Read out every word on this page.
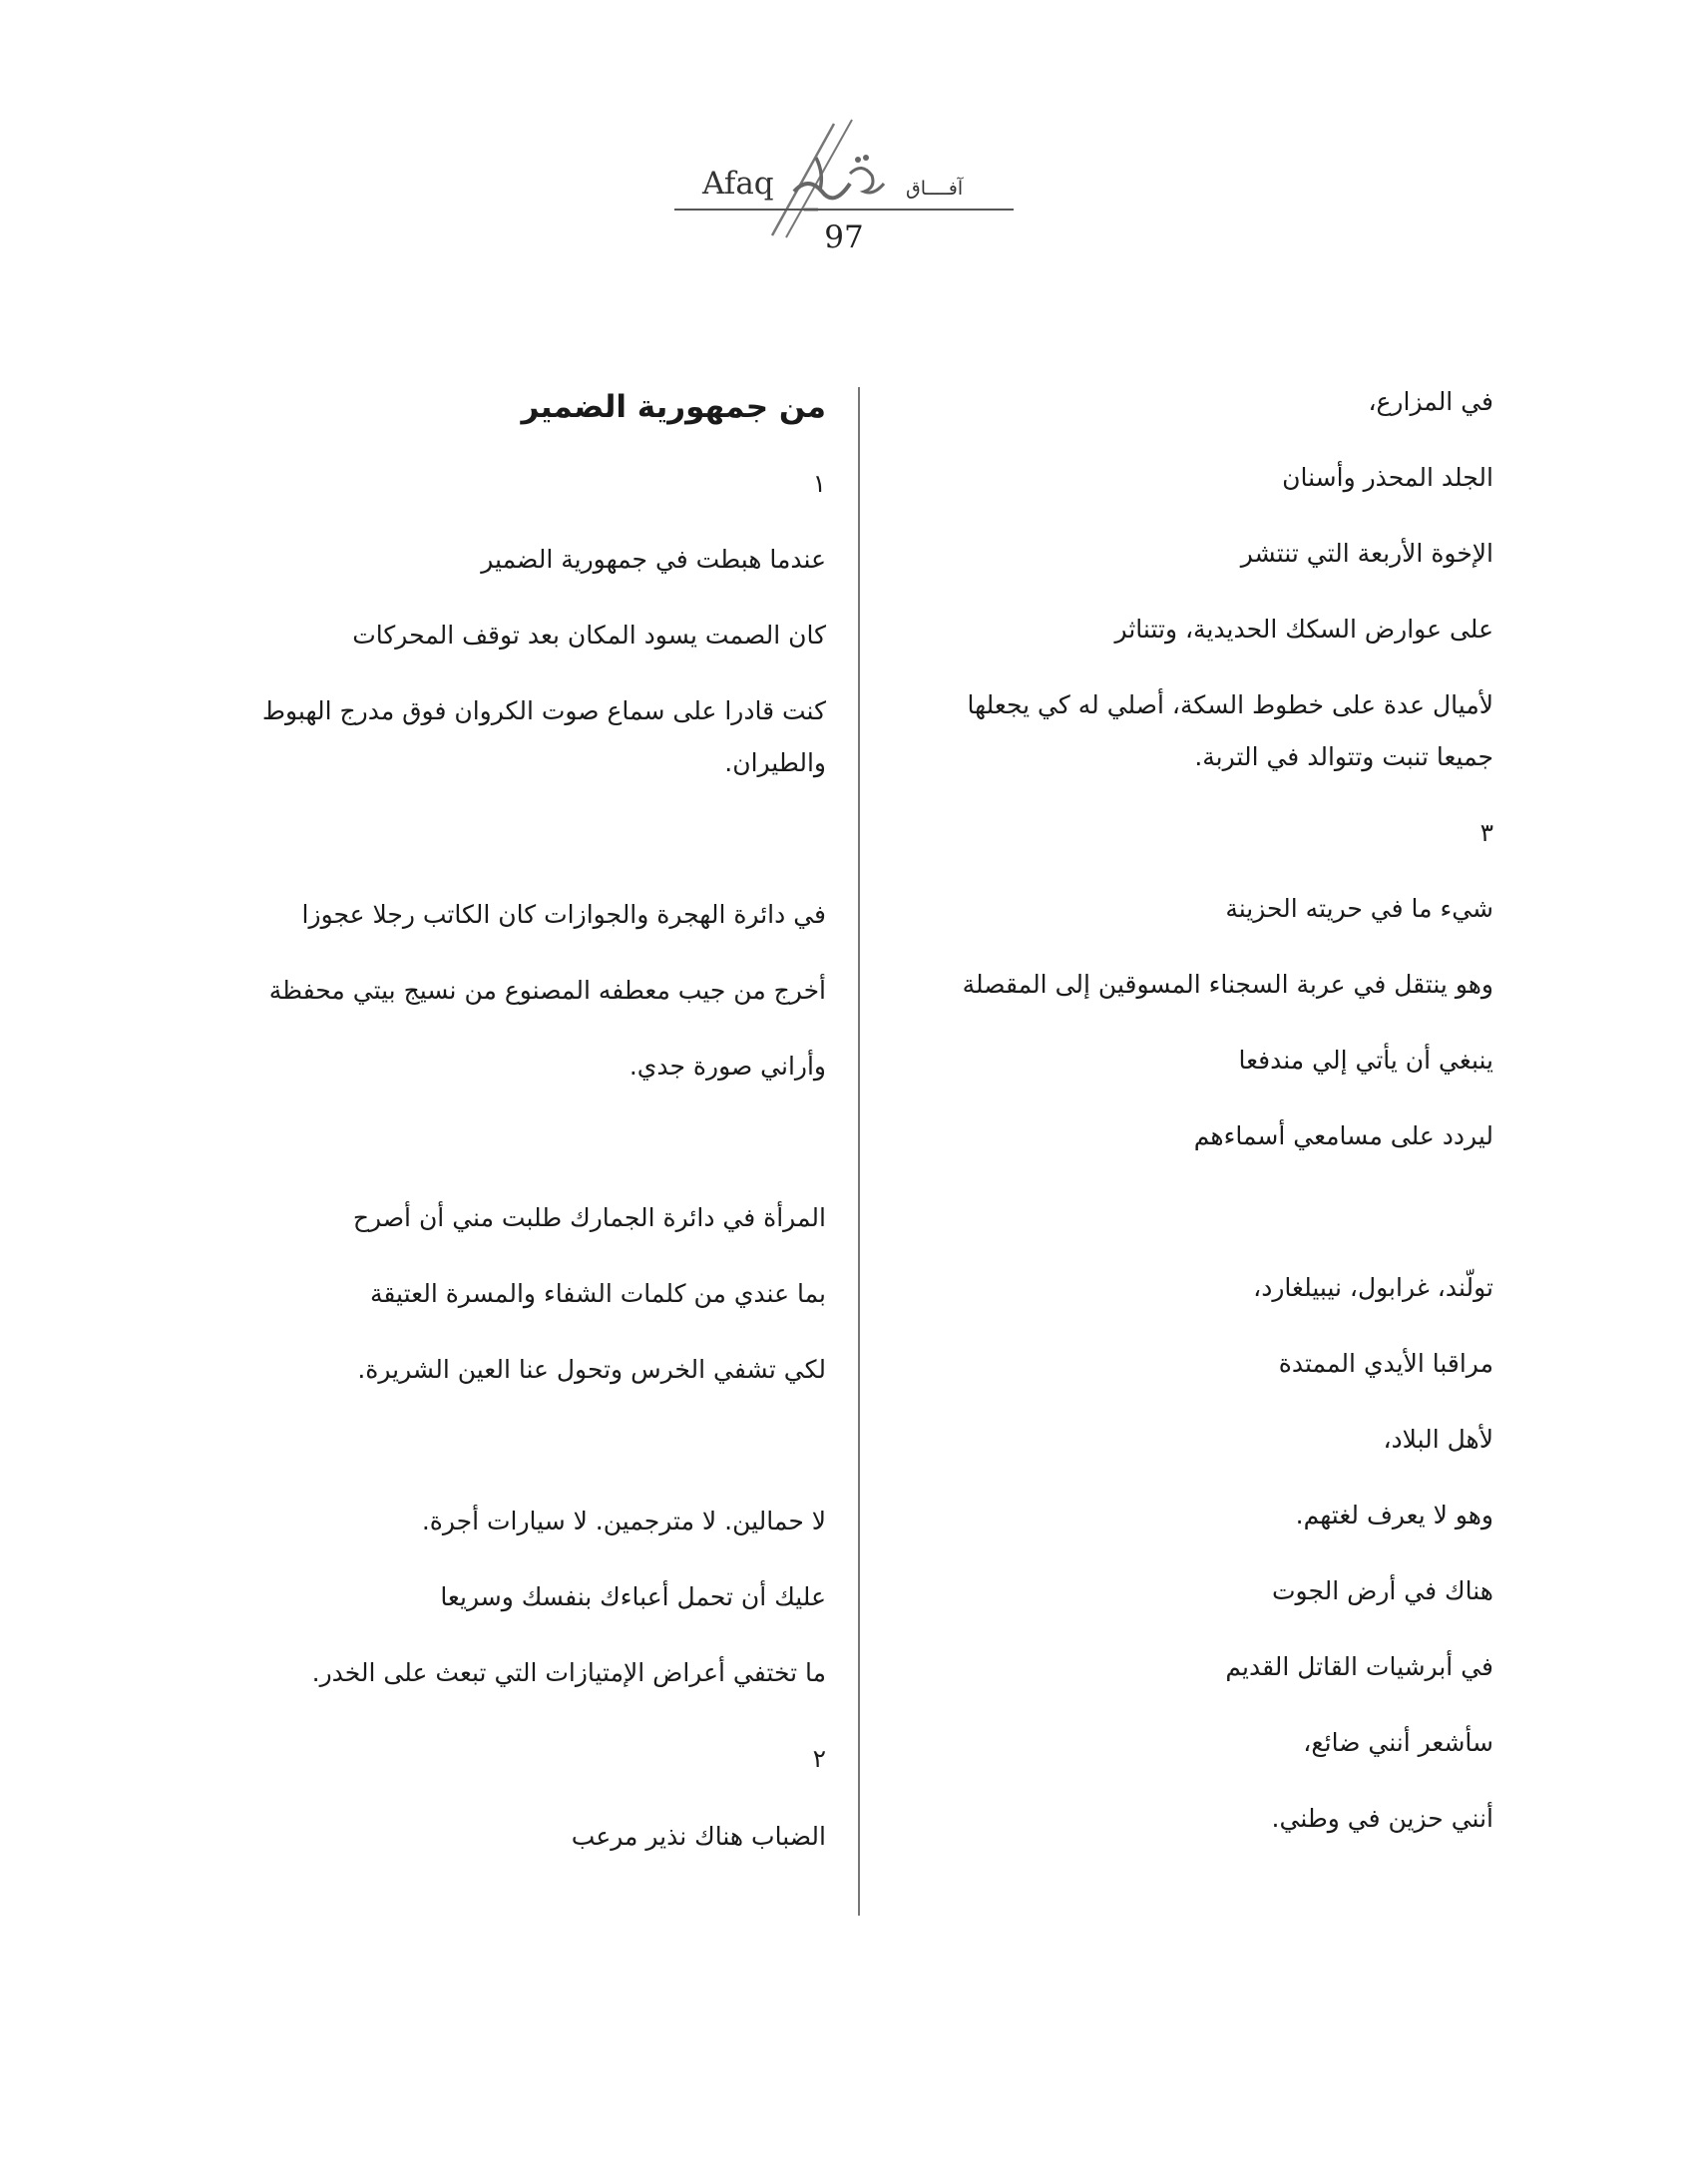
Afaq	آفــــاق
97
في المزارع،
الجلد المحذر وأسنان
الإخوة الأربعة التي تنتشر
على عوارض السكك الحديدية، وتتناثر
لأميال عدة على خطوط السكة، أصلي له كي يجعلها
جميعا تنبت وتتوالد في التربة.
٣
شيء ما في حريته الحزينة
وهو ينتقل في عربة السجناء المسوقين إلى المقصلة
ينبغي أن يأتي إلي مندفعا
ليردد على مسامعي أسماءهم
تولّند، غرابول، نيبيلغارد،
مراقبا الأيدي الممتدة
لأهل البلاد،
وهو لا يعرف لغتهم.
هناك في أرض الجوت
في أبرشيات القاتل القديم
سأشعر أنني ضائع،
أنني حزين في وطني.
من جمهورية الضمير
١
عندما هبطت في جمهورية الضمير
كان الصمت يسود المكان بعد توقف المحركات
كنت قادرا على سماع صوت الكروان فوق مدرج الهبوط
والطيران.
في دائرة الهجرة والجوازات كان الكاتب رجلا عجوزا
أخرج من جيب معطفه المصنوع من نسيج بيتي محفظة
وأراني صورة جدي.
المرأة في دائرة الجمارك طلبت مني أن أصرح
بما عندي من كلمات الشفاء والمسرة العتيقة
لكي تشفي الخرس وتحول عنا العين الشريرة.
لا حمالين. لا مترجمين. لا سيارات أجرة.
عليك أن تحمل أعباءك بنفسك وسريعا
ما تختفي أعراض الإمتيازات التي تبعث على الخدر.
٢
الضباب هناك نذير مرعب
